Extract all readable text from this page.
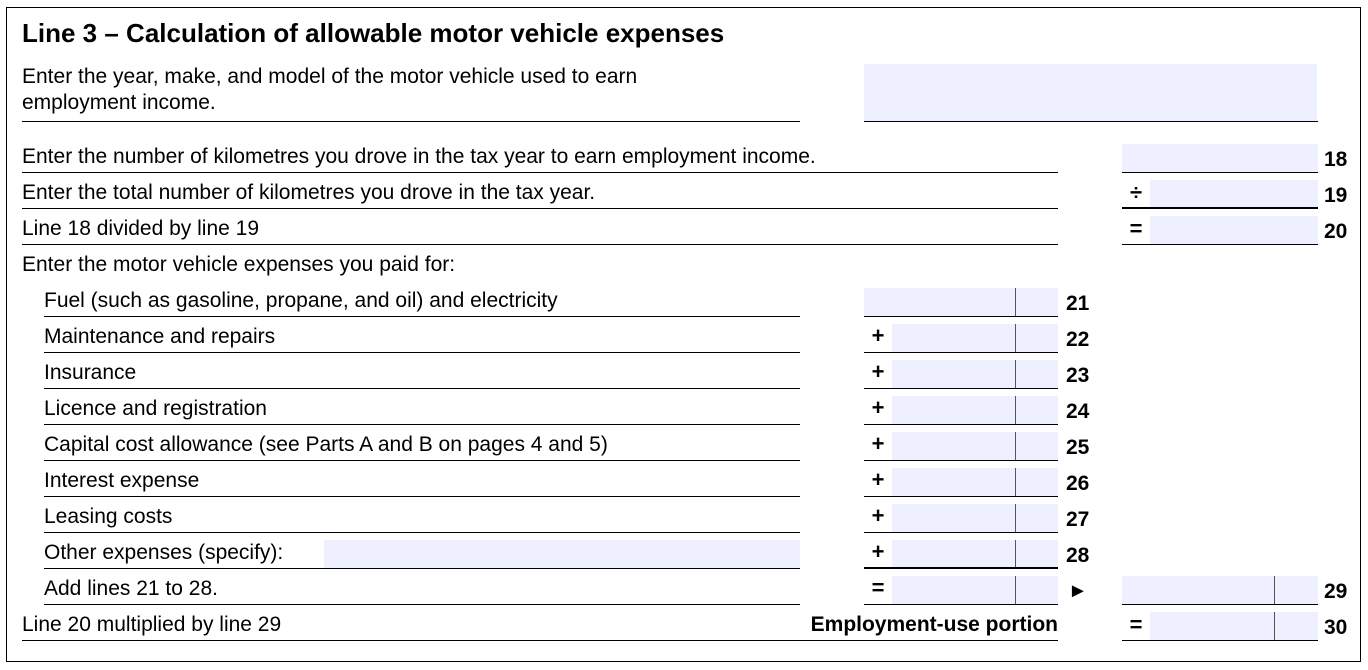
Line 3 – Calculation of allowable motor vehicle expenses
Enter the year, make, and model of the motor vehicle used to earn
employment income.
Enter the number of kilometres you drove in the tax year to earn employment income.	18
Enter the total number of kilometres you drove in the tax year.	÷	19
Line 18 divided by line 19	=	20
Enter the motor vehicle expenses you paid for:
Fuel (such as gasoline, propane, and oil) and electricity	21
Maintenance and repairs	+	22
Insurance	+	23
Licence and registration	+	24
Capital cost allowance (see Parts A and B on pages 4 and 5)	+	25
Interest expense	+	26
Leasing costs	+	27
Other expenses (specify):	+	28
Add lines 21 to 28.	=	►	29
Line 20 multiplied by line 29	Employment-use portion	=	30
